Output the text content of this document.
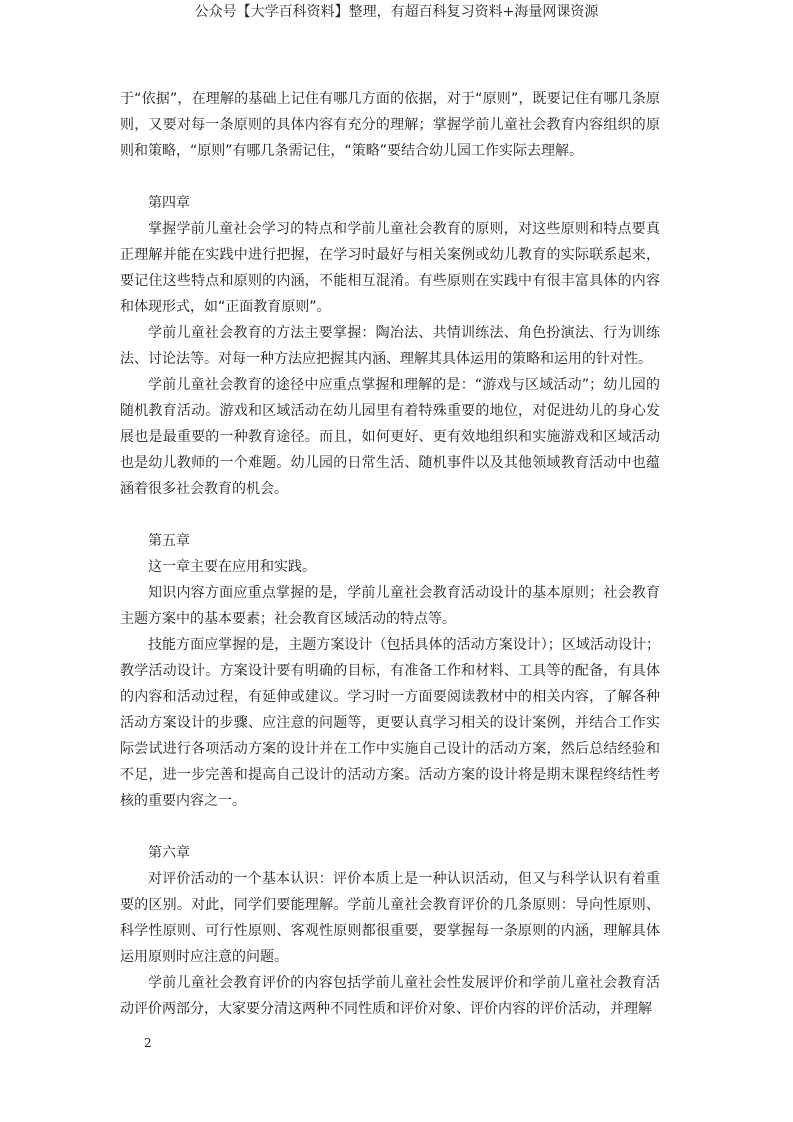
公众号【大学百科资料】整理，有超百科复习资料+海量网课资源

于“依据”，在理解的基础上记住有哪几方面的依据，对于“原则”，既要记住有哪几条原则，又要对每一条原则的具体内容有充分的理解；掌握学前儿童社会教育内容组织的原则和策略，“原则”有哪几条需记住，“策略”要结合幼儿园工作实际去理解。

第四章

掌握学前儿童社会学习的特点和学前儿童社会教育的原则，对这些原则和特点要真正理解并能在实践中进行把握，在学习时最好与相关案例或幼儿教育的实际联系起来，要记住这些特点和原则的内涵，不能相互混淆。有些原则在实践中有很丰富具体的内容和体现形式，如“正面教育原则”。

学前儿童社会教育的方法主要掌握：陶冶法、共情训练法、角色扮演法、行为训练法、讨论法等。对每一种方法应把握其内涵、理解其具体运用的策略和运用的针对性。

学前儿童社会教育的途径中应重点掌握和理解的是：“游戏与区域活动”；幼儿园的随机教育活动。游戏和区域活动在幼儿园里有着特殊重要的地位，对促进幼儿的身心发展也是最重要的一种教育途径。而且，如何更好、更有效地组织和实施游戏和区域活动也是幼儿教师的一个难题。幼儿园的日常生活、随机事件以及其他领域教育活动中也蕴涵着很多社会教育的机会。

第五章

这一章主要在应用和实践。

知识内容方面应重点掌握的是，学前儿童社会教育活动设计的基本原则；社会教育主题方案中的基本要素；社会教育区域活动的特点等。

技能方面应掌握的是，主题方案设计（包括具体的活动方案设计）；区域活动设计；教学活动设计。方案设计要有明确的目标，有准备工作和材料、工具等的配备，有具体的内容和活动过程，有延伸或建议。学习时一方面要阅读教材中的相关内容，了解各种活动方案设计的步骤、应注意的问题等，更要认真学习相关的设计案例，并结合工作实际尝试进行各项活动方案的设计并在工作中实施自己设计的活动方案，然后总结经验和不足，进一步完善和提高自己设计的活动方案。活动方案的设计将是期末课程终结性考核的重要内容之一。

第六章

对评价活动的一个基本认识：评价本质上是一种认识活动，但又与科学认识有着重要的区别。对此，同学们要能理解。学前儿童社会教育评价的几条原则：导向性原则、科学性原则、可行性原则、客观性原则都很重要，要掌握每一条原则的内涵，理解具体运用原则时应注意的问题。

学前儿童社会教育评价的内容包括学前儿童社会性发展评价和学前儿童社会教育活动评价两部分，大家要分清这两种不同性质和评价对象、评价内容的评价活动，并理解

2
